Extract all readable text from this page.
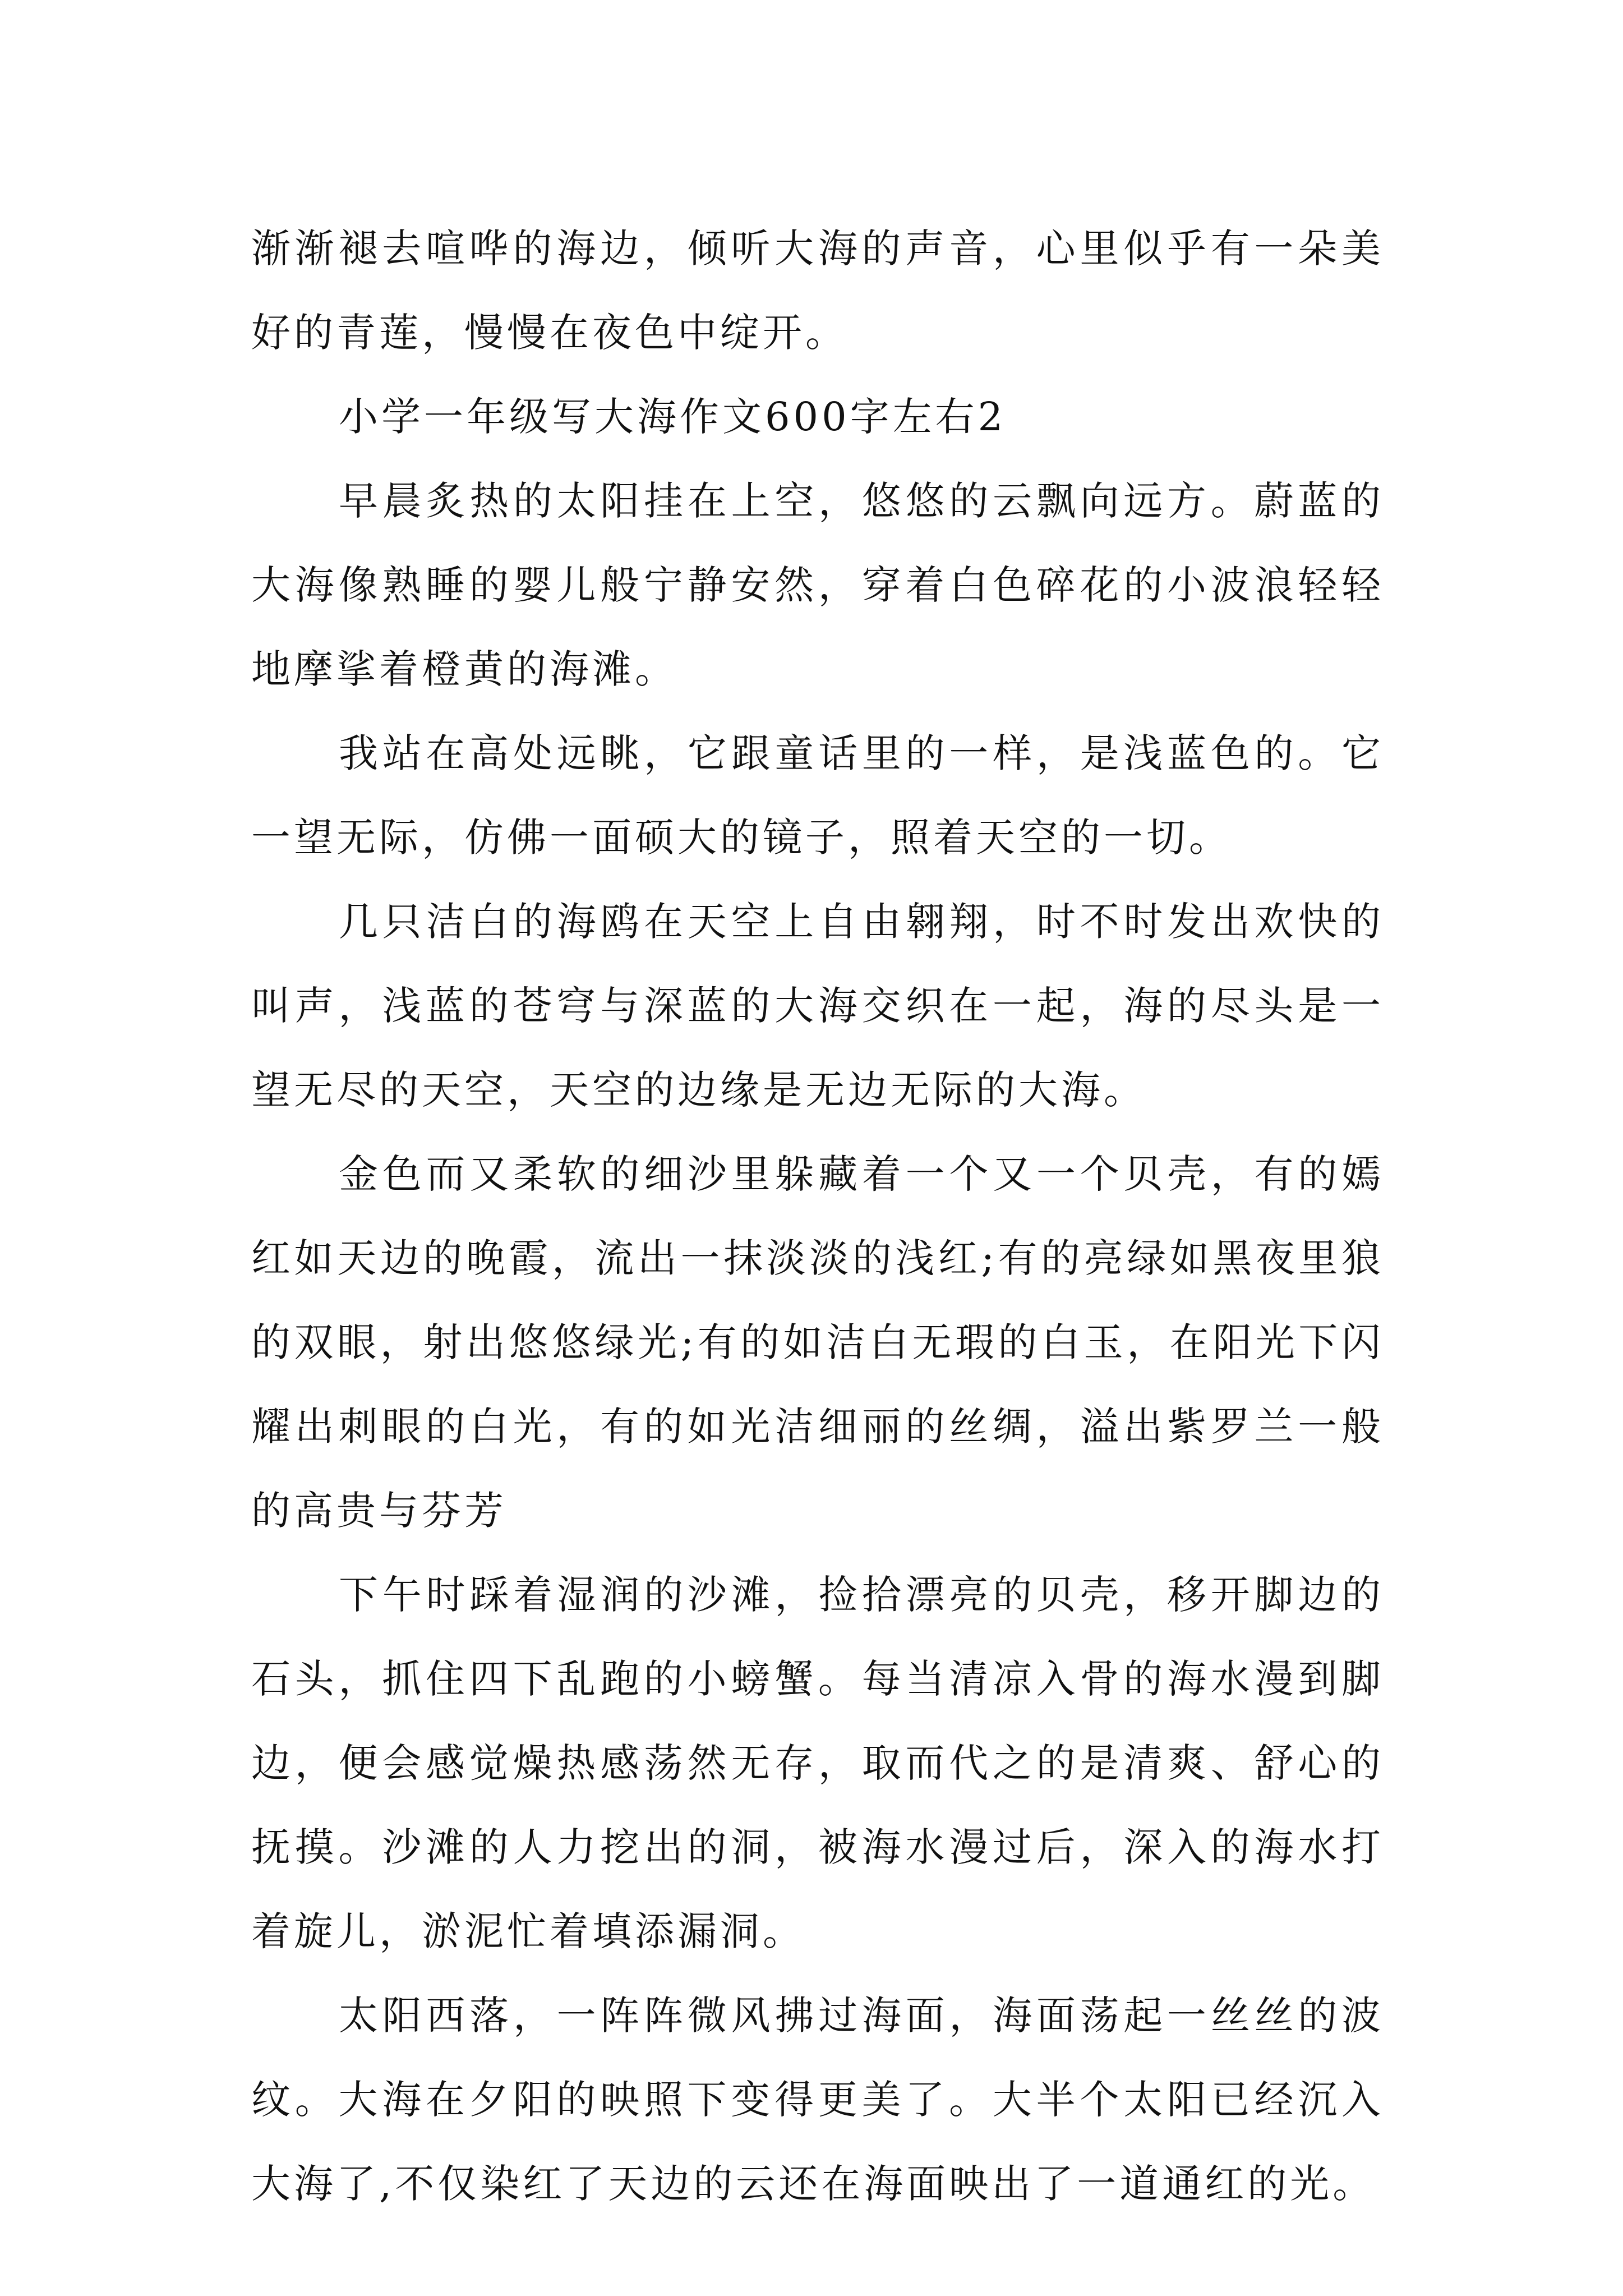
渐渐褪去喧哗的海边，倾听大海的声音，心里似乎有一朵美好的青莲，慢慢在夜色中绽开。

小学一年级写大海作文600字左右2

早晨炙热的太阳挂在上空，悠悠的云飘向远方。蔚蓝的大海像熟睡的婴儿般宁静安然，穿着白色碎花的小波浪轻轻地摩挲着橙黄的海滩。

我站在高处远眺，它跟童话里的一样，是浅蓝色的。它一望无际，仿佛一面硕大的镜子，照着天空的一切。

几只洁白的海鸥在天空上自由翱翔，时不时发出欢快的叫声，浅蓝的苍穹与深蓝的大海交织在一起，海的尽头是一望无尽的天空，天空的边缘是无边无际的大海。

金色而又柔软的细沙里躲藏着一个又一个贝壳，有的嫣红如天边的晚霞，流出一抹淡淡的浅红;有的亮绿如黑夜里狼的双眼，射出悠悠绿光;有的如洁白无瑕的白玉，在阳光下闪耀出刺眼的白光，有的如光洁细丽的丝绸，溢出紫罗兰一般的高贵与芬芳

下午时踩着湿润的沙滩，捡拾漂亮的贝壳，移开脚边的石头，抓住四下乱跑的小螃蟹。每当清凉入骨的海水漫到脚边，便会感觉燥热感荡然无存，取而代之的是清爽、舒心的抚摸。沙滩的人力挖出的洞，被海水漫过后，深入的海水打着旋儿，淤泥忙着填添漏洞。

太阳西落，一阵阵微风拂过海面，海面荡起一丝丝的波纹。大海在夕阳的映照下变得更美了。大半个太阳已经沉入大海了,不仅染红了天边的云还在海面映出了一道通红的光。
